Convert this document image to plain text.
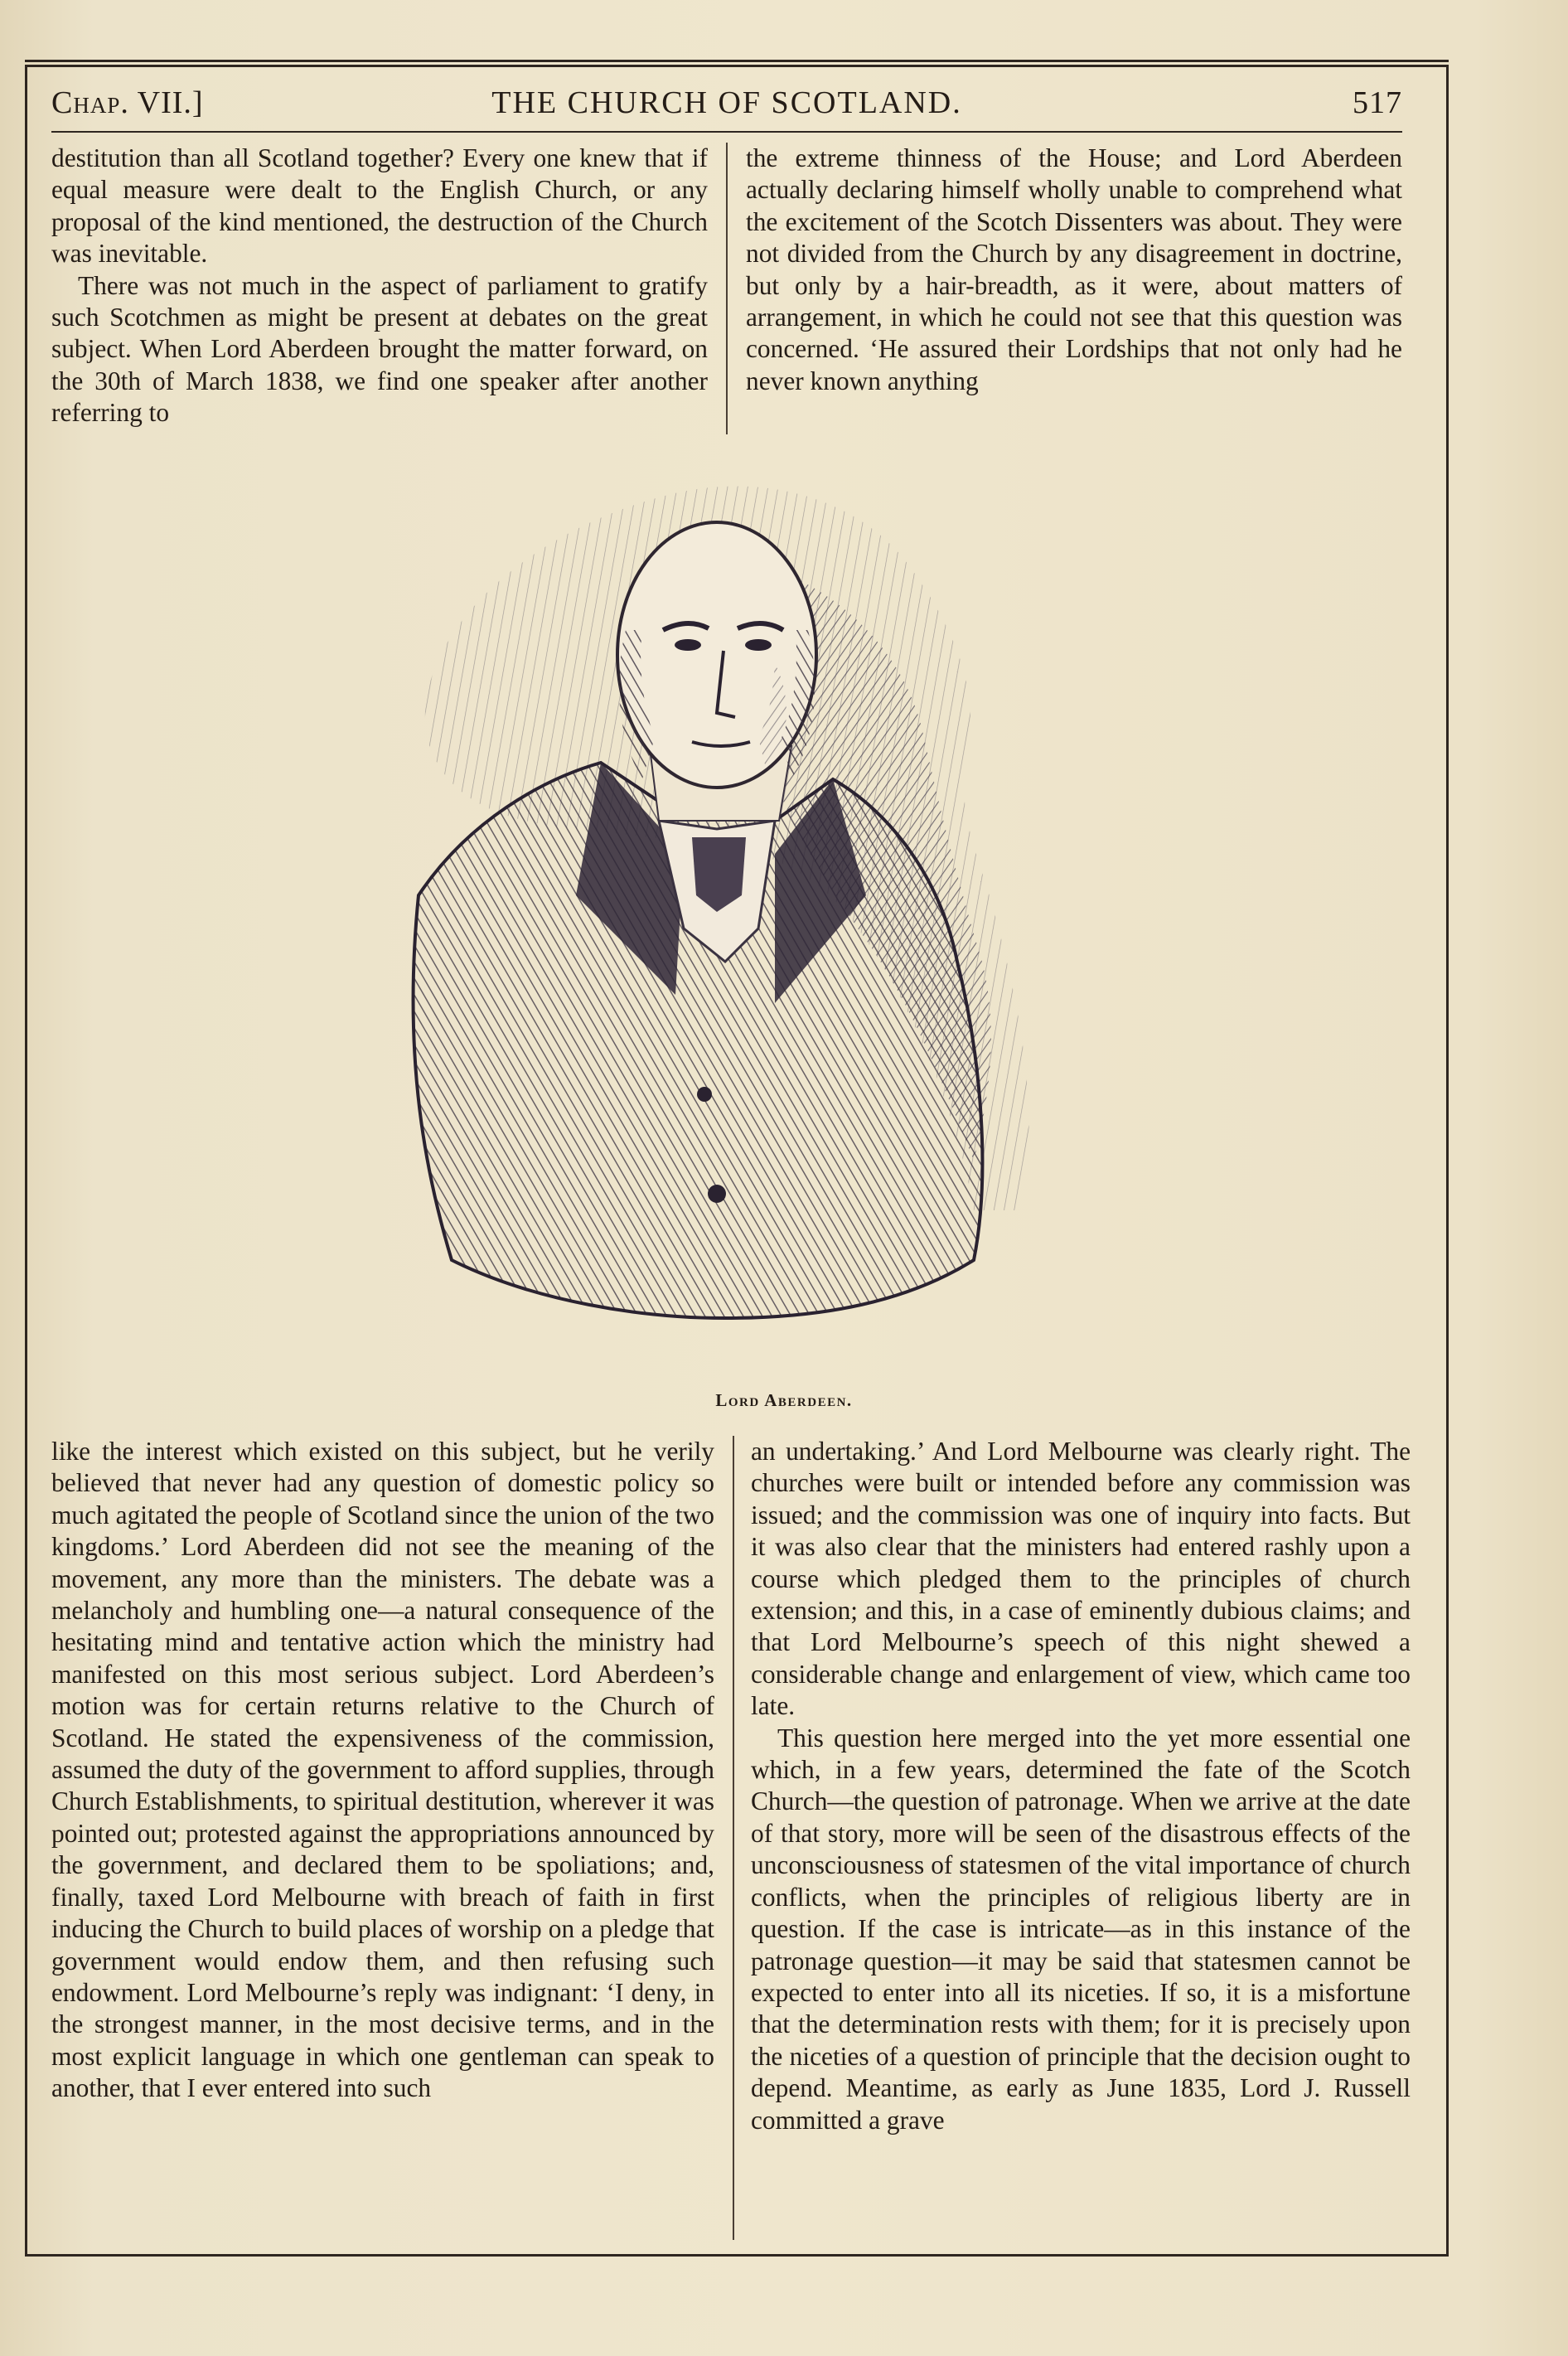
Chap. VII.]	THE CHURCH OF SCOTLAND.	517

destitution than all Scotland together? Every one knew that if equal measure were dealt to the English Church, or any proposal of the kind mentioned, the destruction of the Church was inevitable.

There was not much in the aspect of parliament to gratify such Scotchmen as might be present at debates on the great subject. When Lord Aberdeen brought the matter forward, on the 30th of March 1838, we find one speaker after another referring to

the extreme thinness of the House; and Lord Aberdeen actually declaring himself wholly unable to comprehend what the excitement of the Scotch Dissenters was about. They were not divided from the Church by any disagreement in doctrine, but only by a hair-breadth, as it were, about matters of arrangement, in which he could not see that this question was concerned. ‘He assured their Lordships that not only had he never known anything

Lord Aberdeen.

like the interest which existed on this subject, but he verily believed that never had any question of domestic policy so much agitated the people of Scotland since the union of the two kingdoms.’ Lord Aberdeen did not see the meaning of the movement, any more than the ministers. The debate was a melancholy and humbling one—a natural consequence of the hesitating mind and tentative action which the ministry had manifested on this most serious subject. Lord Aberdeen’s motion was for certain returns relative to the Church of Scotland. He stated the expensiveness of the commission, assumed the duty of the government to afford supplies, through Church Establishments, to spiritual destitution, wherever it was pointed out; protested against the appropriations announced by the government, and declared them to be spoliations; and, finally, taxed Lord Melbourne with breach of faith in first inducing the Church to build places of worship on a pledge that government would endow them, and then refusing such endowment. Lord Melbourne’s reply was indignant: ‘I deny, in the strongest manner, in the most decisive terms, and in the most explicit language in which one gentleman can speak to another, that I ever entered into such

an undertaking.’ And Lord Melbourne was clearly right. The churches were built or intended before any commission was issued; and the commission was one of inquiry into facts. But it was also clear that the ministers had entered rashly upon a course which pledged them to the principles of church extension; and this, in a case of eminently dubious claims; and that Lord Melbourne’s speech of this night shewed a considerable change and enlargement of view, which came too late.

This question here merged into the yet more essential one which, in a few years, determined the fate of the Scotch Church—the question of patronage. When we arrive at the date of that story, more will be seen of the disastrous effects of the unconsciousness of statesmen of the vital importance of church conflicts, when the principles of religious liberty are in question. If the case is intricate—as in this instance of the patronage question—it may be said that statesmen cannot be expected to enter into all its niceties. If so, it is a misfortune that the determination rests with them; for it is precisely upon the niceties of a question of principle that the decision ought to depend. Meantime, as early as June 1835, Lord J. Russell committed a grave
